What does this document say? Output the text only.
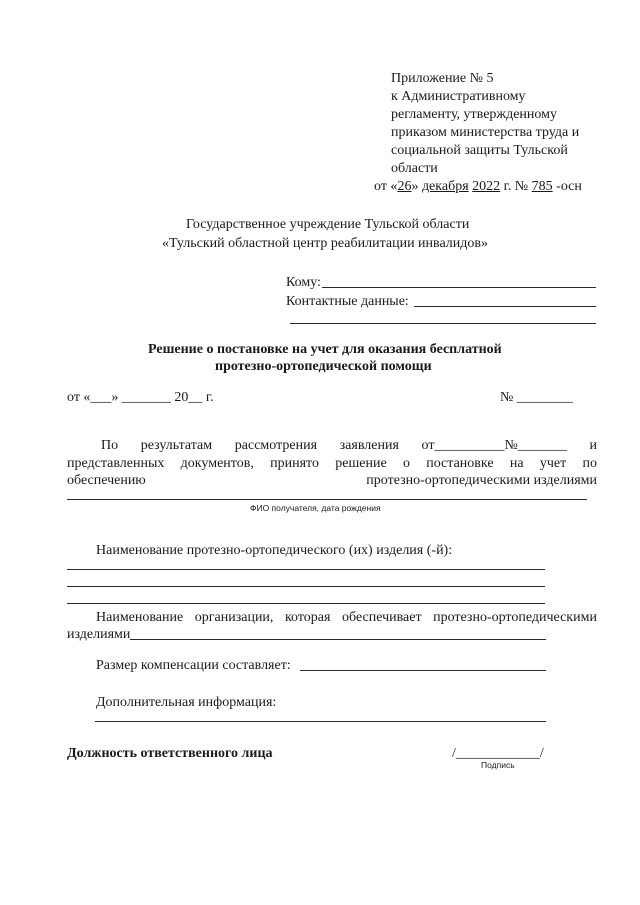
Приложение № 5
к Административному
регламенту, утвержденному
приказом министерства труда и
социальной защиты Тульской
области
от «26» декабря 2022 г. № 785 -осн
Государственное учреждение Тульской области
«Тульский областной центр реабилитации инвалидов»
Кому:
Контактные данные:
Решение о постановке на учет для оказания бесплатной
протезно-ортопедической помощи
от «___» _______ 20__ г.	№ ________
По результатам рассмотрения заявления от__________№_______ и
представленных документов, принято решение о постановке на учет по
обеспечению	протезно-ортопедическими изделиями
ФИО получателя, дата рождения
Наименование протезно-ортопедического (их) изделия (-й):
Наименование организации, которая обеспечивает протезно-ортопедическими
изделиями
Размер компенсации составляет:
Дополнительная информация:
Должность ответственного лица	/____________/
Подпись
